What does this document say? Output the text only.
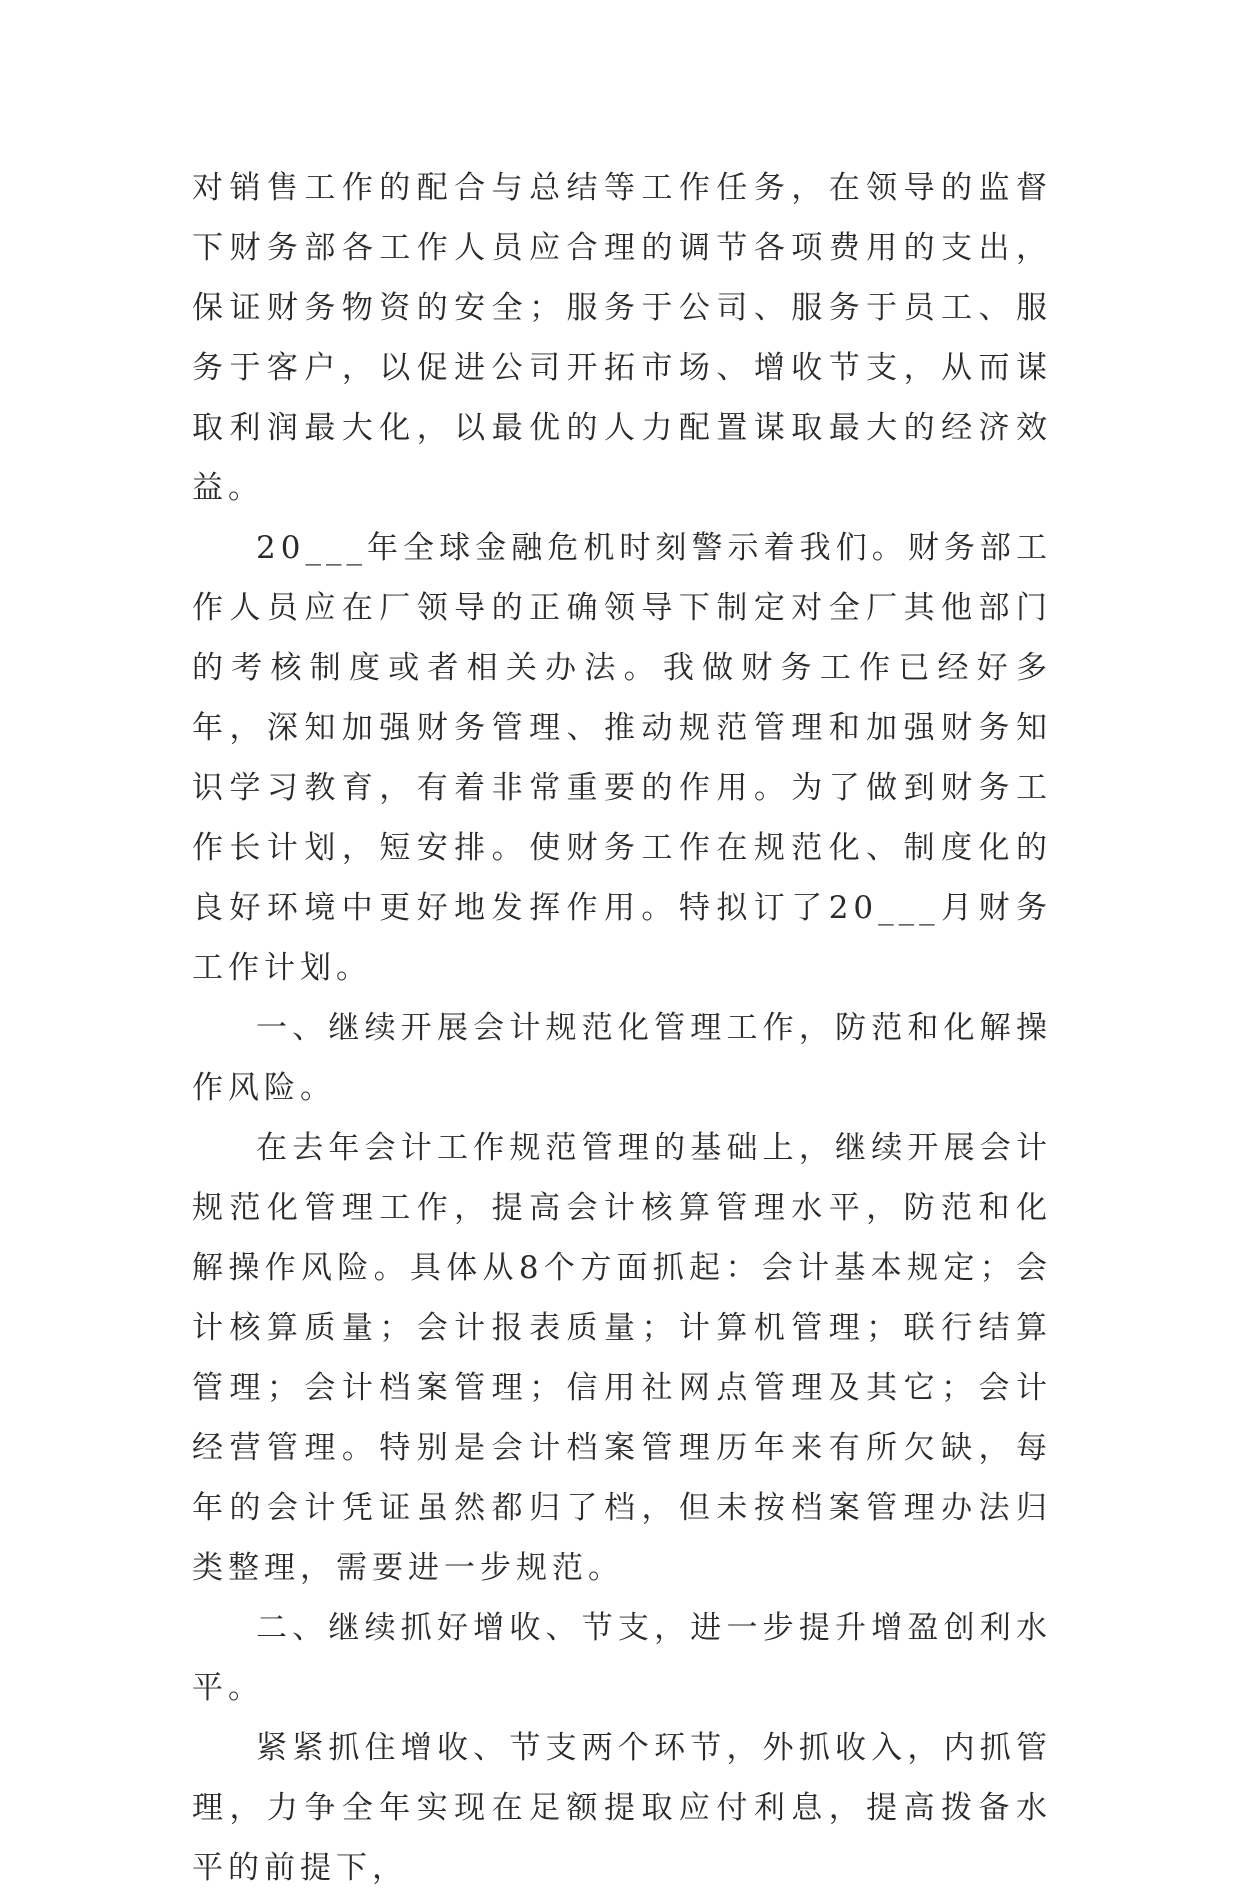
对销售工作的配合与总结等工作任务，在领导的监督下财务部各工作人员应合理的调节各项费用的支出，保证财务物资的安全；服务于公司、服务于员工、服务于客户，以促进公司开拓市场、增收节支，从而谋取利润最大化，以最优的人力配置谋取最大的经济效益。

20___年全球金融危机时刻警示着我们。财务部工作人员应在厂领导的正确领导下制定对全厂其他部门的考核制度或者相关办法。我做财务工作已经好多年，深知加强财务管理、推动规范管理和加强财务知识学习教育，有着非常重要的作用。为了做到财务工作长计划，短安排。使财务工作在规范化、制度化的良好环境中更好地发挥作用。特拟订了20___月财务工作计划。

一、继续开展会计规范化管理工作，防范和化解操作风险。

在去年会计工作规范管理的基础上，继续开展会计规范化管理工作，提高会计核算管理水平，防范和化解操作风险。具体从8个方面抓起：会计基本规定；会计核算质量；会计报表质量；计算机管理；联行结算管理；会计档案管理；信用社网点管理及其它；会计经营管理。特别是会计档案管理历年来有所欠缺，每年的会计凭证虽然都归了档，但未按档案管理办法归类整理，需要进一步规范。

二、继续抓好增收、节支，进一步提升增盈创利水平。

紧紧抓住增收、节支两个环节，外抓收入，内抓管理，力争全年实现在足额提取应付利息，提高拨备水平的前提下，
